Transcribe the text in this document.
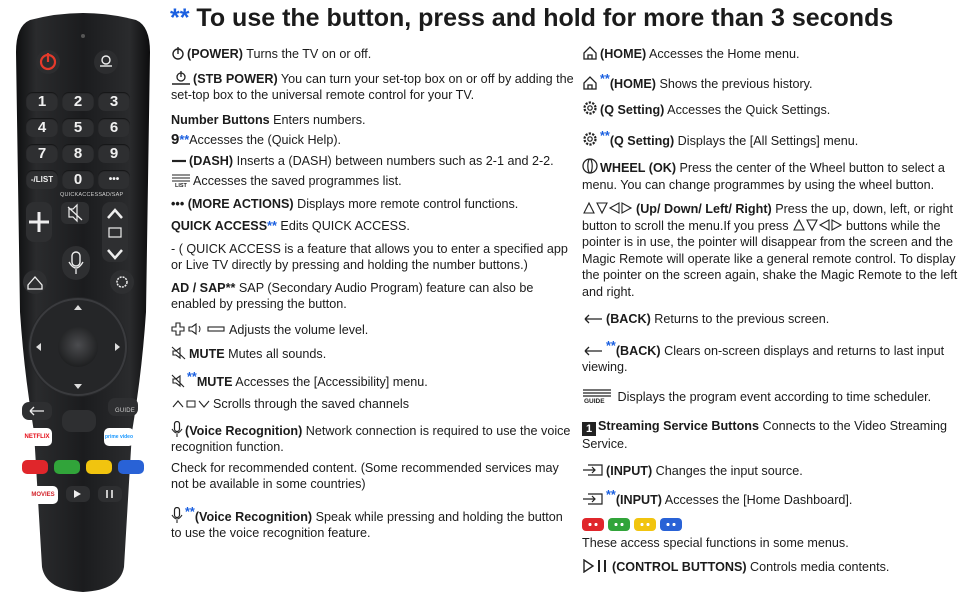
1	2	3
4	5	6
7	8	9
-/LIST	0	•••
QUICKACCESS AD/SAP
GUIDE
NETFLIX	prime video
MOVIES
** To use the button, press and hold for more than 3 seconds
(POWER) Turns the TV on or off.
(STB POWER) You can turn your set-top box on or off by adding the set-top box to the universal remote control for your TV.
Number Buttons Enters numbers.
9**Accesses the (Quick Help).
(DASH) Inserts a (DASH) between numbers such as 2-1 and 2-2.
LIST Accesses the saved programmes list.
••• (MORE ACTIONS) Displays more remote control functions.
QUICK ACCESS** Edits QUICK ACCESS.
- ( QUICK ACCESS is a feature that allows you to enter a specified app or Live TV directly by pressing and holding the number buttons.)
AD / SAP** SAP (Secondary Audio Program) feature can also be enabled by pressing the button.
Adjusts the volume level.
MUTE Mutes all sounds.
**MUTE Accesses the [Accessibility] menu.
Scrolls through the saved channels
(Voice Recognition) Network connection is required to use the voice recognition function.
Check for recommended content. (Some recommended services may not be available in some countries)
**(Voice Recognition) Speak while pressing and holding the button to use the voice recognition feature.
(HOME) Accesses the Home menu.
**(HOME) Shows the previous history.
(Q Setting) Accesses the Quick Settings.
**(Q Setting) Displays the [All Settings] menu.
WHEEL (OK) Press the center of the Wheel button to select a menu. You can change programmes by using the wheel button.
(Up/ Down/ Left/ Right) Press the up, down, left, or right button to scroll the menu.If you press	buttons while the pointer is in use, the pointer will disappear from the screen and the Magic Remote will operate like a general remote control. To display the pointer on the screen again, shake the Magic Remote to the left and right.
(BACK) Returns to the previous screen.
**(BACK) Clears on-screen displays and returns to last input viewing.
GUIDE Displays the program event according to time scheduler.
1 Streaming Service Buttons Connects to the Video Streaming Service.
(INPUT) Changes the input source.
**(INPUT) Accesses the [Home Dashboard].
These access special functions in some menus.
(CONTROL BUTTONS) Controls media contents.
